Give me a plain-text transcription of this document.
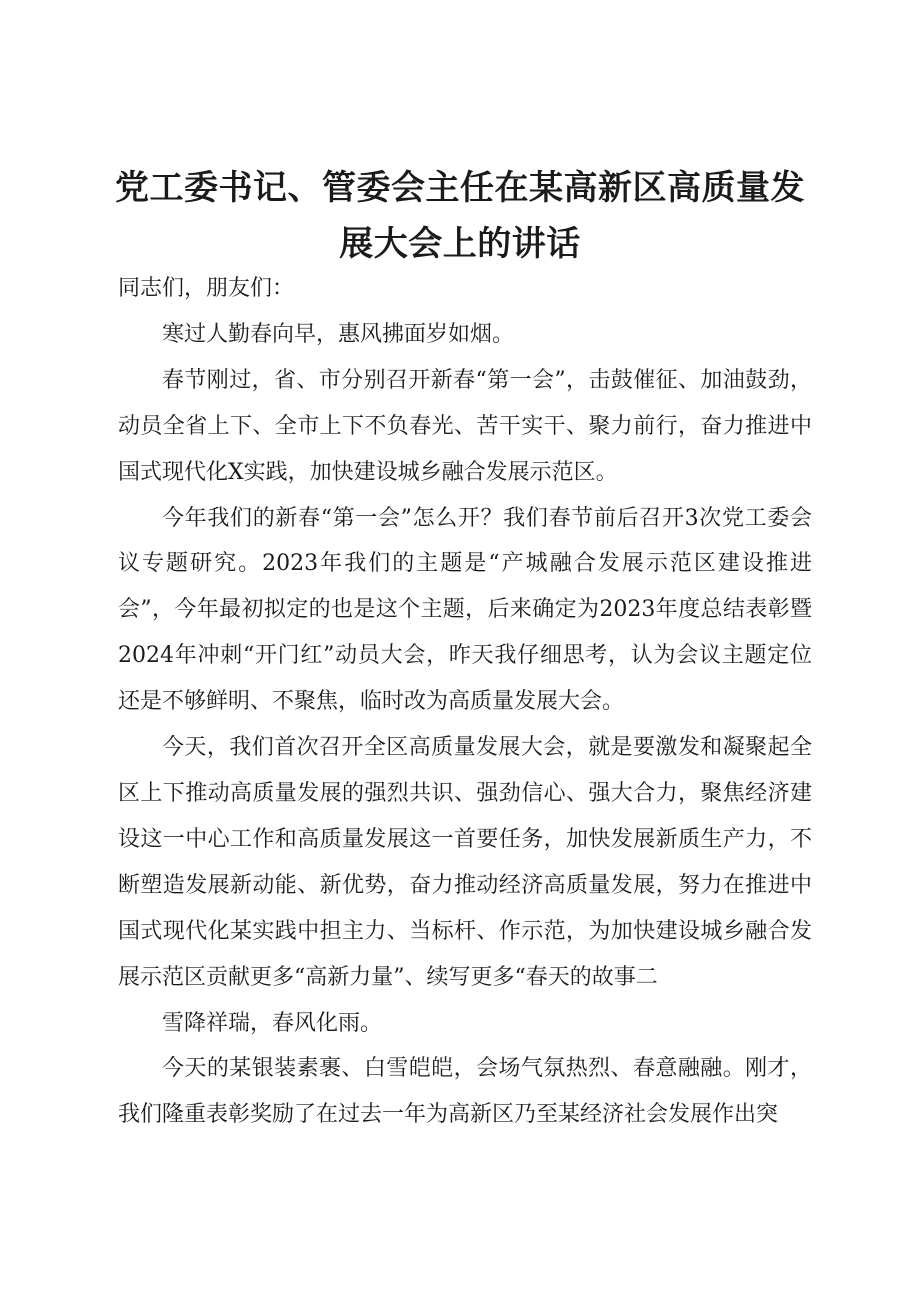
党工委书记、管委会主任在某高新区高质量发
展大会上的讲话

同志们，朋友们：

寒过人勤春向早，惠风拂面岁如烟。

春节刚过，省、市分别召开新春“第一会”，击鼓催征、加油鼓劲，动员全省上下、全市上下不负春光、苦干实干、聚力前行，奋力推进中国式现代化X实践，加快建设城乡融合发展示范区。

今年我们的新春“第一会”怎么开？我们春节前后召开3次党工委会议专题研究。2023年我们的主题是“产城融合发展示范区建设推进会”，今年最初拟定的也是这个主题，后来确定为2023年度总结表彰暨2024年冲刺“开门红”动员大会，昨天我仔细思考，认为会议主题定位还是不够鲜明、不聚焦，临时改为高质量发展大会。

今天，我们首次召开全区高质量发展大会，就是要激发和凝聚起全区上下推动高质量发展的强烈共识、强劲信心、强大合力，聚焦经济建设这一中心工作和高质量发展这一首要任务，加快发展新质生产力，不断塑造发展新动能、新优势，奋力推动经济高质量发展，努力在推进中国式现代化某实践中担主力、当标杆、作示范，为加快建设城乡融合发展示范区贡献更多“高新力量”、续写更多“春天的故事二

雪降祥瑞，春风化雨。

今天的某银装素裹、白雪皑皑，会场气氛热烈、春意融融。刚才，我们隆重表彰奖励了在过去一年为高新区乃至某经济社会发展作出突
